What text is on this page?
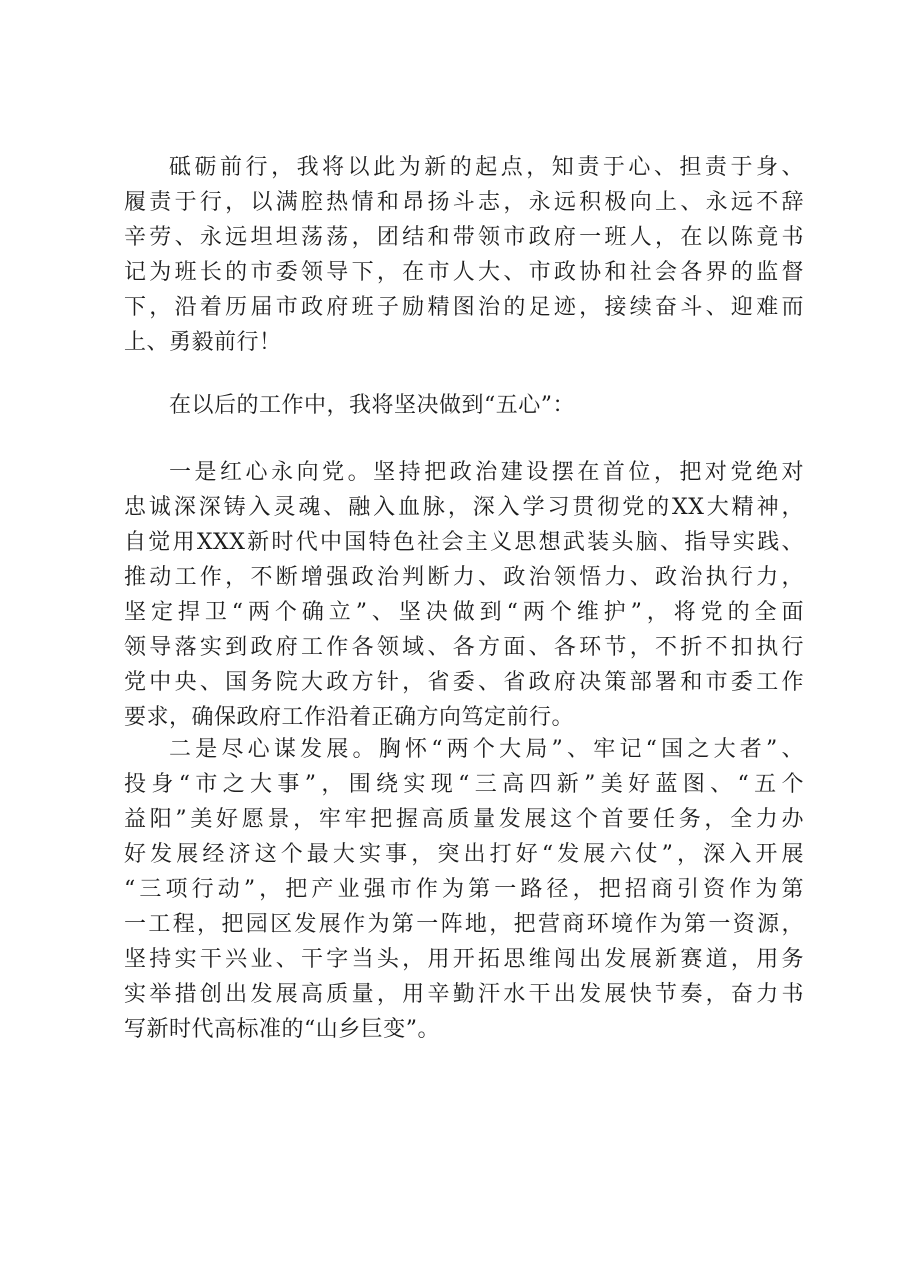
砥砺前行，我将以此为新的起点，知责于心、担责于身、
履责于行，以满腔热情和昂扬斗志，永远积极向上、永远不辞
辛劳、永远坦坦荡荡，团结和带领市政府一班人，在以陈竟书
记为班长的市委领导下，在市人大、市政协和社会各界的监督
下，沿着历届市政府班子励精图治的足迹，接续奋斗、迎难而
上、勇毅前行！
在以后的工作中，我将坚决做到“五心”：
一是红心永向党。坚持把政治建设摆在首位，把对党绝对
忠诚深深铸入灵魂、融入血脉，深入学习贯彻党的XX大精神，
自觉用XXX新时代中国特色社会主义思想武装头脑、指导实践、
推动工作，不断增强政治判断力、政治领悟力、政治执行力，
坚定捍卫“两个确立”、坚决做到“两个维护”，将党的全面
领导落实到政府工作各领域、各方面、各环节，不折不扣执行
党中央、国务院大政方针，省委、省政府决策部署和市委工作
要求，确保政府工作沿着正确方向笃定前行。
二是尽心谋发展。胸怀“两个大局”、牢记“国之大者”、
投身“市之大事”，围绕实现“三高四新”美好蓝图、“五个
益阳”美好愿景，牢牢把握高质量发展这个首要任务，全力办
好发展经济这个最大实事，突出打好“发展六仗”，深入开展
“三项行动”，把产业强市作为第一路径，把招商引资作为第
一工程，把园区发展作为第一阵地，把营商环境作为第一资源，
坚持实干兴业、干字当头，用开拓思维闯出发展新赛道，用务
实举措创出发展高质量，用辛勤汗水干出发展快节奏，奋力书
写新时代高标准的“山乡巨变”。
